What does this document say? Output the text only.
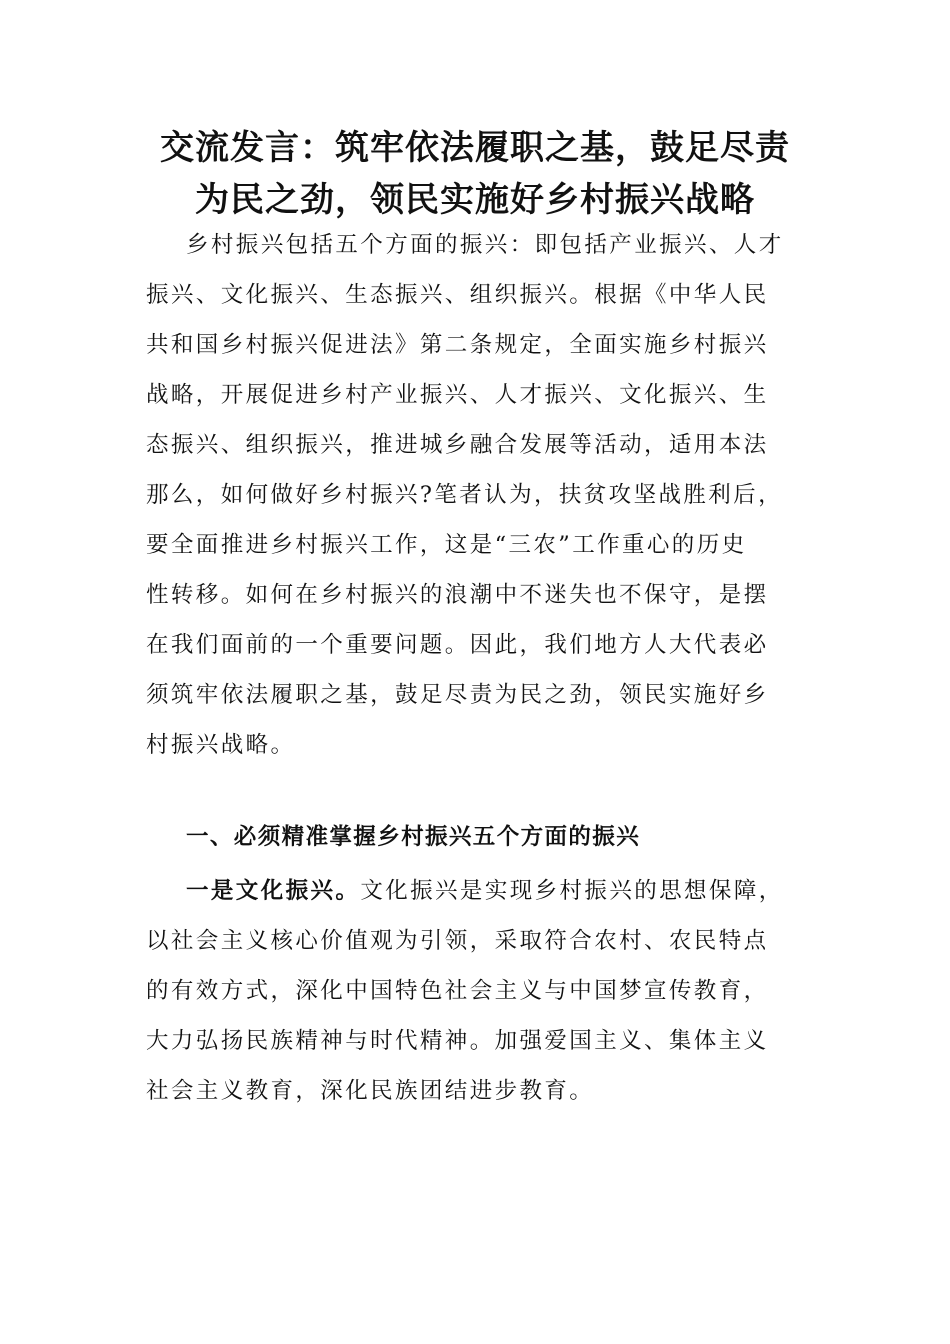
交流发言：筑牢依法履职之基，鼓足尽责
为民之劲，领民实施好乡村振兴战略
乡村振兴包括五个方面的振兴：即包括产业振兴、人才
振兴、文化振兴、生态振兴、组织振兴。根据《中华人民
共和国乡村振兴促进法》第二条规定，全面实施乡村振兴
战略，开展促进乡村产业振兴、人才振兴、文化振兴、生
态振兴、组织振兴，推进城乡融合发展等活动，适用本法
那么，如何做好乡村振兴?笔者认为，扶贫攻坚战胜利后，
要全面推进乡村振兴工作，这是“三农”工作重心的历史
性转移。如何在乡村振兴的浪潮中不迷失也不保守，是摆
在我们面前的一个重要问题。因此，我们地方人大代表必
须筑牢依法履职之基，鼓足尽责为民之劲，领民实施好乡
村振兴战略。
一、必须精准掌握乡村振兴五个方面的振兴
一是文化振兴。文化振兴是实现乡村振兴的思想保障，
以社会主义核心价值观为引领，采取符合农村、农民特点
的有效方式，深化中国特色社会主义与中国梦宣传教育，
大力弘扬民族精神与时代精神。加强爱国主义、集体主义
社会主义教育，深化民族团结进步教育。
